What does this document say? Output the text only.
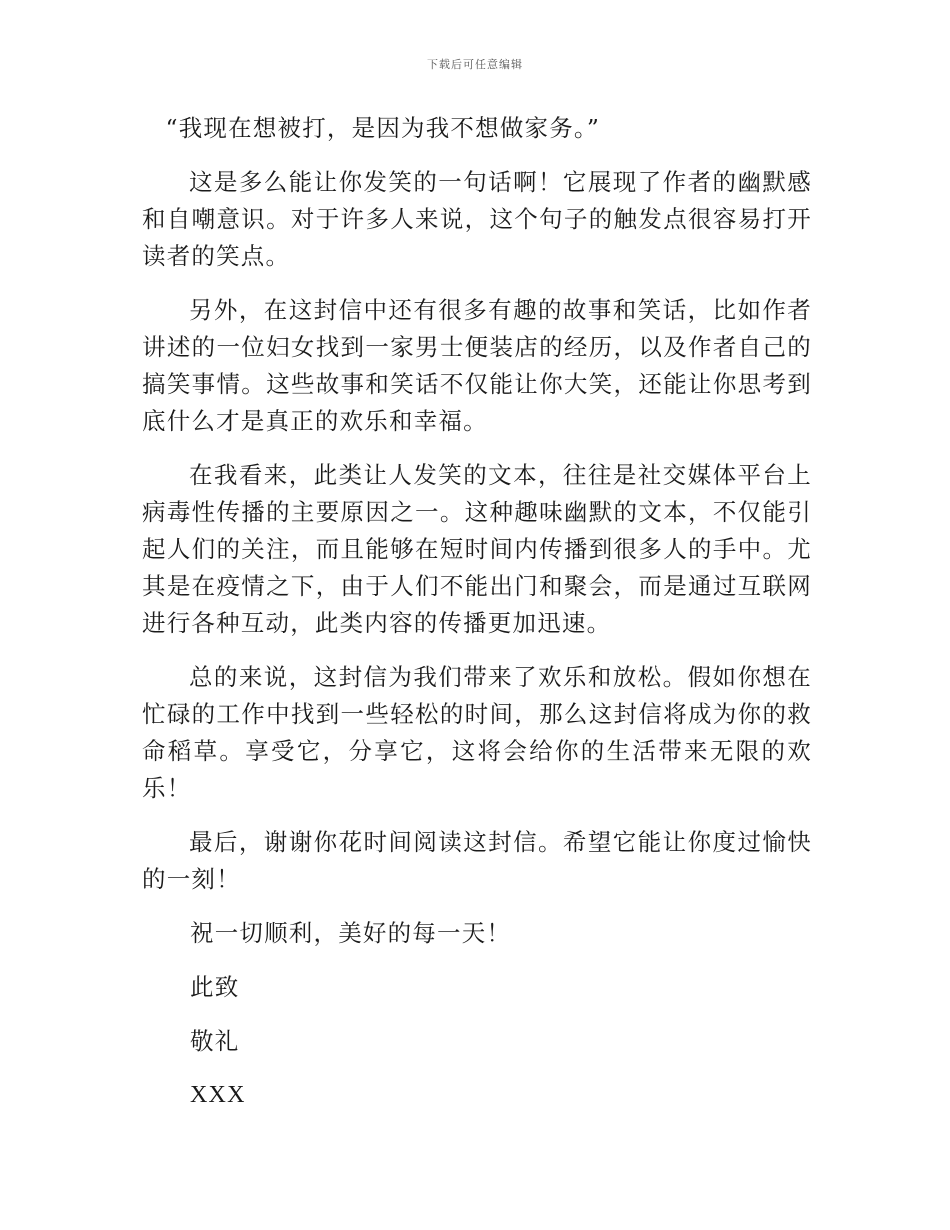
下载后可任意编辑

“我现在想被打，是因为我不想做家务。”

这是多么能让你发笑的一句话啊！它展现了作者的幽默感和自嘲意识。对于许多人来说，这个句子的触发点很容易打开读者的笑点。

另外，在这封信中还有很多有趣的故事和笑话，比如作者讲述的一位妇女找到一家男士便装店的经历，以及作者自己的搞笑事情。这些故事和笑话不仅能让你大笑，还能让你思考到底什么才是真正的欢乐和幸福。

在我看来，此类让人发笑的文本，往往是社交媒体平台上病毒性传播的主要原因之一。这种趣味幽默的文本，不仅能引起人们的关注，而且能够在短时间内传播到很多人的手中。尤其是在疫情之下，由于人们不能出门和聚会，而是通过互联网进行各种互动，此类内容的传播更加迅速。

总的来说，这封信为我们带来了欢乐和放松。假如你想在忙碌的工作中找到一些轻松的时间，那么这封信将成为你的救命稻草。享受它，分享它，这将会给你的生活带来无限的欢乐！

最后，谢谢你花时间阅读这封信。希望它能让你度过愉快的一刻！

祝一切顺利，美好的每一天！

此致

敬礼

XXX
